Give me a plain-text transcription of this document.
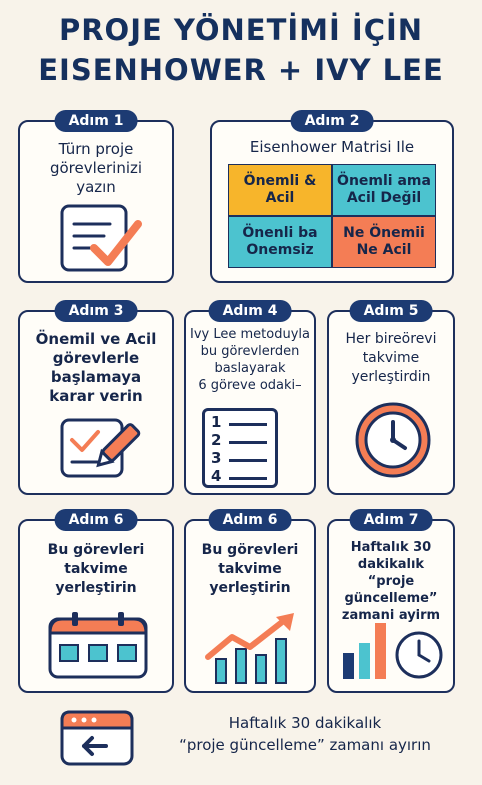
PROJE YÖNETİMİ İÇİN
EISENHOWER + IVY LEE
Adım 1
Türn proje
görevlerinizi
yazın
Adım 2
Eisenhower Matrisi Ile
Önemli &
Acil
Önemli ama
Acil Değil
Önenli ba
Onemsiz
Ne Önemii
Ne Acil
Adım 3
Önemil ve Acil
görevlerle
başlamaya
karar verin
Adım 4
Ivy Lee metoduyla
bu görevlerden
baslayarak
6 göreve odaki–
1
2
3
4
Adım 5
Her bireörevi
takvime
yerleştirdin
Adım 6
Bu görevleri
takvime
yerleştirin
Adım 6
Bu görevleri
takvime
yerleştirin
Adım 7
Haftalık 30
dakikalık
“proje güncelleme”
zamani ayirm
Haftalık 30 dakikalık
“proje güncelleme” zamanı ayırın
